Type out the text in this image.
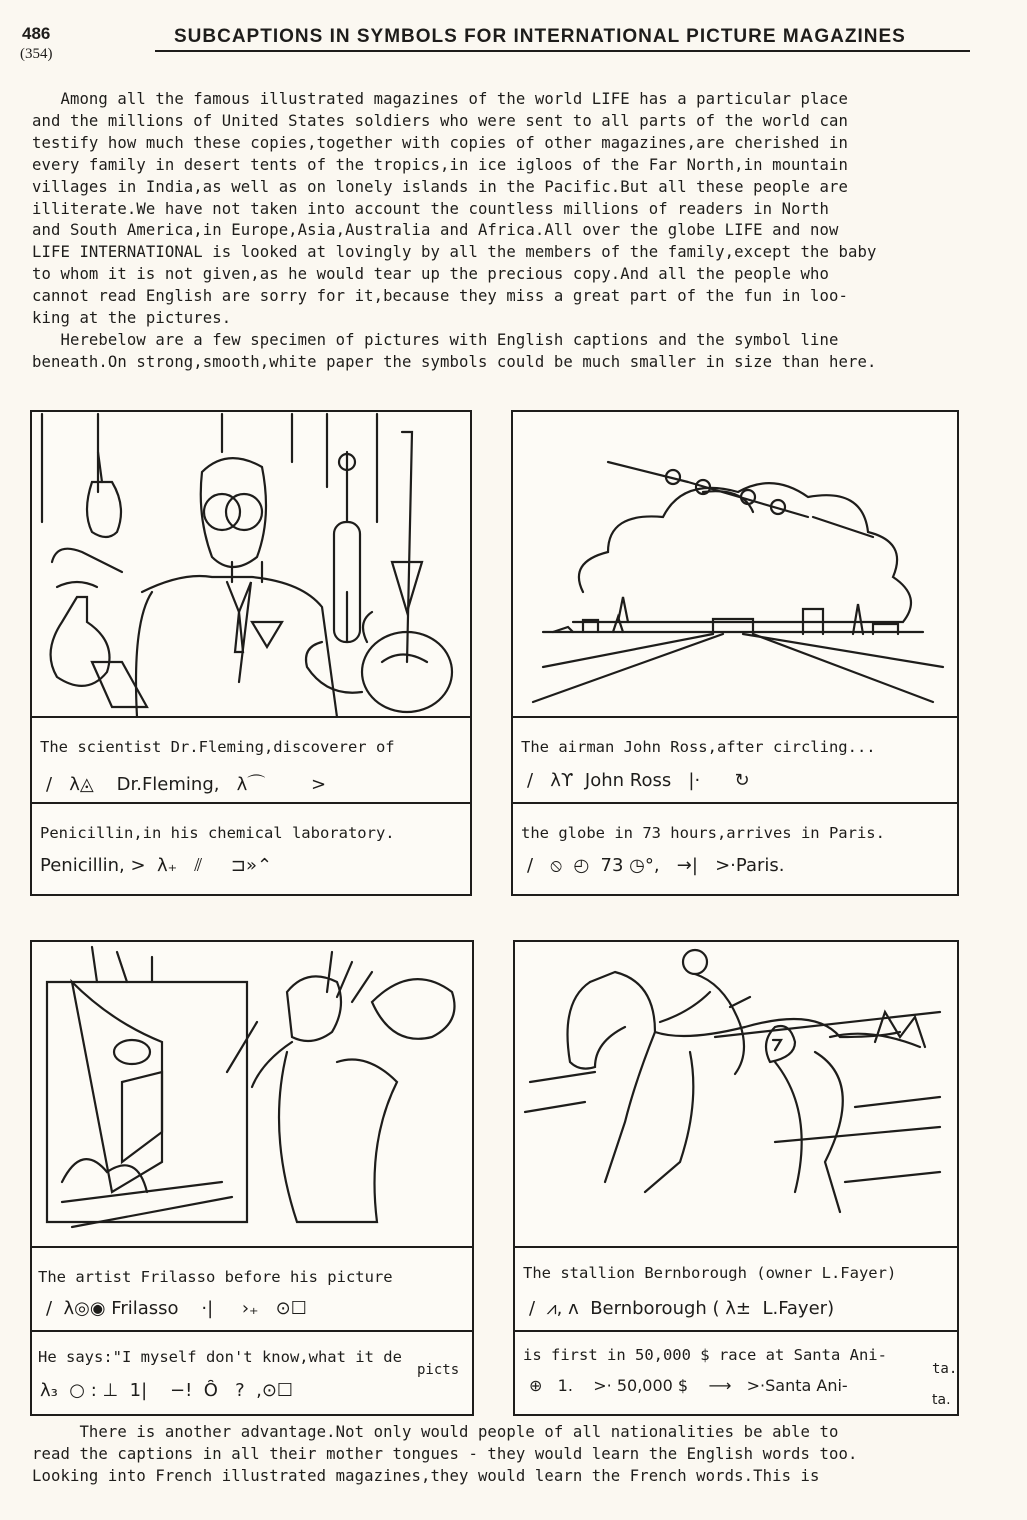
486
(354)
SUBCAPTIONS IN SYMBOLS FOR INTERNATIONAL PICTURE MAGAZINES
Among all the famous illustrated magazines of the world LIFE has a particular place
and the millions of United States soldiers who were sent to all parts of the world can
testify how much these copies,together with copies of other magazines,are cherished in
every family in desert tents of the tropics,in ice igloos of the Far North,in mountain
villages in India,as well as on lonely islands in the Pacific.But all these people are
illiterate.We have not taken into account the countless millions of readers in North
and South America,in Europe,Asia,Australia and Africa.All over the globe LIFE and now
LIFE INTERNATIONAL is looked at lovingly by all the members of the family,except the baby
to whom it is not given,as he would tear up the precious copy.And all the people who
cannot read English are sorry for it,because they miss a great part of the fun in loo-
king at the pictures.
Herebelow are a few specimen of pictures with English captions and the symbol line
beneath.On strong,smooth,white paper the symbols could be much smaller in size than here.
The scientist Dr.Fleming,discoverer of
/   λ◬    Dr.Fleming,   λ⌒        >
Penicillin,in his chemical laboratory.
Penicillin, >  λ₊   ⫽     ⊐»⌃
The airman John Ross,after circling...
/   λϒ  John Ross   |·      ↻
the globe in 73 hours,arrives in Paris.
/   ⦸  ◴  73 ◷°,   →|   >·Paris.
The artist Frilasso before his picture
/  λ◎◉ Frilasso    ·|     ›₊   ⊙☐
He says:"I myself don't know,what it de
picts
λ₃  ○ : ⊥  1|    −!  Ȏ   ?  ,⊙☐
The stallion Bernborough (owner L.Fayer)
/  ⩘, ʌ  Bernborough ( λ±  L.Fayer)
is first in 50,000 $ race at Santa Ani-
ta.
⊕   1.    >· 50,000 $    ⟶   >·Santa Ani-
ta.
There is another advantage.Not only would people of all nationalities be able to
read the captions in all their mother tongues - they would learn the English words too.
Looking into French illustrated magazines,they would learn the French words.This is
